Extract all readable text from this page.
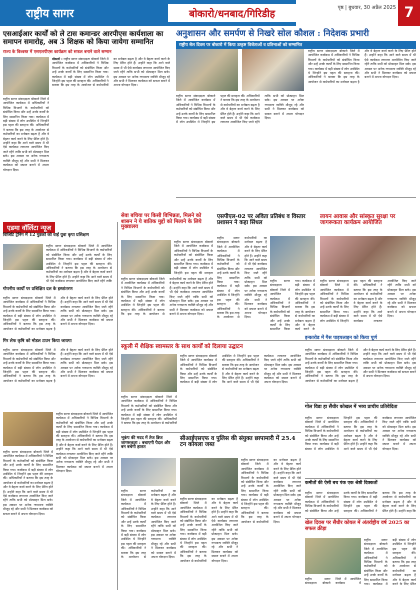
राष्ट्रीय सागर	बोकारो/धनबाद/गिरिडीह
पृष्ठ | बुधवार, 30 अप्रैल 2025 7
एसआईआर कार्यों को ले टास कमान्डर आरपीएस कार्यशाला का समापन समारोह, अब 3 शिक्षक को किया जायेगा सम्मानित
राज्य के विश्वस्त में एसएलपीएस कार्यक्रम को सफल बनाने वाले सम्मान
बोकारो : राष्ट्रीय सागर संवाददाता बोकारो जिले में आयोजित कार्यक्रम में अधिकारियों ने विभिन्न विभागों के कर्मचारियों को संबोधित किया और उन्हें उनके कार्यों के लिए सम्मानित किया गया। कार्यक्रम में बड़ी संख्या में लोग उपस्थित थे जिन्होंने इस पहल की सराहना की। अधिकारियों ने बताया कि इस तरह के आयोजन से कर्मचारियों का मनोबल बढ़ता है और वे बेहतर कार्य करने के लिए प्रेरित होते हैं। उन्होंने कहा कि आने वाले समय में भी ऐसे कार्यक्रम लगातार आयोजित किए जाते रहेंगे ताकि सभी को प्रोत्साहन मिल सके। इस अवसर पर अनेक गणमान्य व्यक्ति मौजूद रहे और सभी ने मिलकर कार्यक्रम को सफल बनाने में अपना योगदान दिया।
राष्ट्रीय सागर संवाददाता बोकारो जिले में आयोजित कार्यक्रम में अधिकारियों ने विभिन्न विभागों के कर्मचारियों को संबोधित किया और उन्हें उनके कार्यों के लिए सम्मानित किया गया। कार्यक्रम में बड़ी संख्या में लोग उपस्थित थे जिन्होंने इस पहल की सराहना की। अधिकारियों ने बताया कि इस तरह के आयोजन से कर्मचारियों का मनोबल बढ़ता है और वे बेहतर कार्य करने के लिए प्रेरित होते हैं। उन्होंने कहा कि आने वाले समय में भी ऐसे कार्यक्रम लगातार आयोजित किए जाते रहेंगे ताकि सभी को प्रोत्साहन मिल सके। इस अवसर पर अनेक गणमान्य व्यक्ति मौजूद रहे और सभी ने मिलकर कार्यक्रम को सफल बनाने में अपना योगदान दिया।
अनुशासन और समर्पण से निखरे सोल कौशल : निदेशक प्रभारी
राष्ट्रीय सेल दिवस पर बोकारो में किया उत्कृष्ट विजेताओं व प्रतिभाओं को सम्मानित
राष्ट्रीय सागर संवाददाता बोकारो जिले में आयोजित कार्यक्रम में अधिकारियों ने विभिन्न विभागों के कर्मचारियों को संबोधित किया और उन्हें उनके कार्यों के लिए सम्मानित किया गया। कार्यक्रम में बड़ी संख्या में लोग उपस्थित थे जिन्होंने इस पहल की सराहना की। अधिकारियों ने बताया कि इस तरह के आयोजन से कर्मचारियों का मनोबल बढ़ता है और वे बेहतर कार्य करने के लिए प्रेरित होते हैं। उन्होंने कहा कि आने वाले समय में भी ऐसे कार्यक्रम लगातार आयोजित किए जाते रहेंगे ताकि सभी को प्रोत्साहन मिल सके। इस अवसर पर अनेक गणमान्य व्यक्ति मौजूद रहे और सभी ने मिलकर कार्यक्रम को सफल बनाने में अपना योगदान दिया।
राष्ट्रीय सागर संवाददाता बोकारो जिले में आयोजित कार्यक्रम में अधिकारियों ने विभिन्न विभागों के कर्मचारियों को संबोधित किया और उन्हें उनके कार्यों के लिए सम्मानित किया गया। कार्यक्रम में बड़ी संख्या में लोग उपस्थित थे जिन्होंने इस पहल की सराहना की। अधिकारियों ने बताया कि इस तरह के आयोजन से कर्मचारियों का मनोबल बढ़ता है और वे बेहतर कार्य करने के लिए प्रेरित होते हैं। उन्होंने कहा कि आने वाले समय में भी ऐसे कार्यक्रम लगातार आयोजित किए जाते रहेंगे ताकि सभी को प्रोत्साहन मिल सके। इस अवसर पर अनेक गणमान्य व्यक्ति मौजूद रहे और सभी ने मिलकर कार्यक्रम को सफल बनाने में अपना योगदान दिया।
एडमा वॉलिंटा न्यूज
विजिटि ट्रेनिंग में 12 गुडकों को वाई युवा कृपा प्रशिक्षण
राष्ट्रीय सागर संवाददाता बोकारो जिले में आयोजित कार्यक्रम में अधिकारियों ने विभिन्न विभागों के कर्मचारियों को संबोधित किया और उन्हें उनके कार्यों के लिए सम्मानित किया गया। कार्यक्रम में बड़ी संख्या में लोग उपस्थित थे जिन्होंने इस पहल की सराहना की। अधिकारियों ने बताया कि इस तरह के आयोजन से कर्मचारियों का मनोबल बढ़ता है और वे बेहतर कार्य करने के लिए प्रेरित होते हैं। उन्होंने कहा कि आने वाले समय में भी ऐसे कार्यक्रम लगातार आयोजित किए जाते रहेंगे ताकि
गोपनीय कार्यों पर प्रशिक्षित दल के हस्तांतरण
राष्ट्रीय सागर संवाददाता बोकारो जिले में आयोजित कार्यक्रम में अधिकारियों ने विभिन्न विभागों के कर्मचारियों को संबोधित किया और उन्हें उनके कार्यों के लिए सम्मानित किया गया। कार्यक्रम में बड़ी संख्या में लोग उपस्थित थे जिन्होंने इस पहल की सराहना की। अधिकारियों ने बताया कि इस तरह के आयोजन से कर्मचारियों का मनोबल बढ़ता है और वे बेहतर कार्य करने के लिए प्रेरित होते हैं। उन्होंने कहा कि आने वाले समय में भी ऐसे कार्यक्रम लगातार आयोजित किए जाते रहेंगे ताकि सभी को प्रोत्साहन मिल सके। इस अवसर पर अनेक गणमान्य व्यक्ति मौजूद रहे और सभी ने मिलकर कार्यक्रम को सफल बनाने में अपना योगदान दिया।
गिर लेफ कृषि को मोडल टाउन किया जायगा
राष्ट्रीय सागर संवाददाता बोकारो जिले में आयोजित कार्यक्रम में अधिकारियों ने विभिन्न विभागों के कर्मचारियों को संबोधित किया और उन्हें उनके कार्यों के लिए सम्मानित किया गया। कार्यक्रम में बड़ी संख्या में लोग उपस्थित थे जिन्होंने इस पहल की सराहना की। अधिकारियों ने बताया कि इस तरह के आयोजन से कर्मचारियों का मनोबल बढ़ता है और वे बेहतर कार्य करने के लिए प्रेरित होते हैं। उन्होंने कहा कि आने वाले समय में भी ऐसे कार्यक्रम लगातार आयोजित किए जाते रहेंगे ताकि सभी को प्रोत्साहन मिल सके। इस अवसर पर अनेक गणमान्य व्यक्ति मौजूद रहे और सभी ने मिलकर कार्यक्रम को सफल बनाने में अपना योगदान दिया।
राष्ट्रीय सागर संवाददाता बोकारो जिले में आयोजित कार्यक्रम में अधिकारियों ने विभिन्न विभागों के कर्मचारियों को संबोधित किया और उन्हें उनके कार्यों के लिए सम्मानित किया गया। कार्यक्रम में बड़ी संख्या में लोग उपस्थित थे जिन्होंने इस पहल की सराहना की। अधिकारियों ने बताया कि इस तरह के आयोजन से कर्मचारियों का मनोबल बढ़ता है और वे बेहतर कार्य करने के लिए प्रेरित होते हैं। उन्होंने कहा कि आने वाले समय में भी ऐसे कार्यक्रम लगातार आयोजित किए जाते रहेंगे ताकि सभी को प्रोत्साहन मिल सके। इस अवसर पर अनेक गणमान्य व्यक्ति मौजूद रहे और सभी ने मिलकर कार्यक्रम को सफल बनाने में अपना योगदान दिया।
राष्ट्रीय सागर संवाददाता बोकारो जिले में आयोजित कार्यक्रम में अधिकारियों ने विभिन्न विभागों के कर्मचारियों को संबोधित किया और उन्हें उनके कार्यों के लिए सम्मानित किया गया। कार्यक्रम में बड़ी संख्या में लोग उपस्थित थे जिन्होंने इस पहल की सराहना की। अधिकारियों ने बताया कि इस तरह के आयोजन से कर्मचारियों का मनोबल बढ़ता है और वे बेहतर कार्य करने के लिए प्रेरित होते हैं। उन्होंने कहा कि आने वाले समय में भी ऐसे कार्यक्रम लगातार आयोजित किए जाते रहेंगे ताकि सभी को प्रोत्साहन मिल सके। इस अवसर पर अनेक गणमान्य व्यक्ति मौजूद रहे और सभी ने मिलकर कार्यक्रम को सफल बनाने में अपना योगदान दिया।
सेवा बचिया पर किसी विभिन्नता, मिलने को शासन ने ये बातिक मुद्दों को मिलाने के लिये मुख्यालय
राष्ट्रीय सागर संवाददाता बोकारो जिले में आयोजित कार्यक्रम में अधिकारियों ने विभिन्न विभागों के कर्मचारियों को संबोधित किया और उन्हें उनके कार्यों के लिए सम्मानित किया गया। कार्यक्रम में बड़ी संख्या में लोग उपस्थित थे जिन्होंने इस पहल की सराहना की। अधिकारियों ने बताया कि इस तरह के आयोजन से कर्मचारियों का मनोबल बढ़ता है और वे बेहतर कार्य करने के लिए प्रेरित होते हैं। उन्होंने कहा कि आने वाले समय में भी ऐसे कार्यक्रम लगातार आयोजित किए जाते रहेंगे ताकि सभी को प्रोत्साहन मिल सके। इस अवसर पर अनेक गणमान्य व्यक्ति मौजूद रहे और सभी ने मिलकर कार्यक्रम को सफल बनाने में अपना योगदान दिया।
राष्ट्रीय सागर संवाददाता बोकारो जिले में आयोजित कार्यक्रम में अधिकारियों ने विभिन्न विभागों के कर्मचारियों को संबोधित किया और उन्हें उनके कार्यों के लिए सम्मानित किया गया। कार्यक्रम में बड़ी संख्या में लोग उपस्थित थे जिन्होंने इस पहल की सराहना
एसपीएल-02 पर अविता प्रतिबंध व विस्तार प्रशासन ने कहा सिंधल
राष्ट्रीय सागर संवाददाता बोकारो जिले में आयोजित कार्यक्रम में अधिकारियों ने विभिन्न विभागों के कर्मचारियों को संबोधित किया और उन्हें उनके कार्यों के लिए सम्मानित किया गया। कार्यक्रम में बड़ी संख्या में लोग उपस्थित थे जिन्होंने इस पहल की सराहना की। अधिकारियों ने बताया कि इस तरह के आयोजन से कर्मचारियों का मनोबल बढ़ता है और वे बेहतर कार्य करने के लिए प्रेरित होते हैं। उन्होंने कहा कि आने वाले समय में भी ऐसे कार्यक्रम लगातार आयोजित किए जाते रहेंगे ताकि सभी को प्रोत्साहन मिल सके। इस अवसर पर अनेक गणमान्य व्यक्ति मौजूद रहे और सभी ने मिलकर कार्यक्रम को सफल बनाने में अपना योगदान दिया।
राष्ट्रीय सागर संवाददाता बोकारो जिले में आयोजित कार्यक्रम में अधिकारियों ने विभिन्न विभागों के कर्मचारियों को संबोधित किया और उन्हें उनके कार्यों के लिए सम्मानित किया गया। कार्यक्रम में बड़ी संख्या में लोग उपस्थित थे जिन्होंने इस पहल की सराहना की। अधिकारियों ने बताया कि इस तरह के आयोजन से कर्मचारियों का मनोबल बढ़ता है और वे बेहतर कार्य करने के
लायन आवास और सांस्कृत सुरक्षा पर जागरूकता कार्यक्रम आयोजित
राष्ट्रीय सागर संवाददाता बोकारो जिले में आयोजित कार्यक्रम में अधिकारियों ने विभिन्न विभागों के कर्मचारियों को संबोधित किया और उन्हें उनके कार्यों के लिए सम्मानित किया गया। कार्यक्रम में बड़ी संख्या में लोग उपस्थित थे जिन्होंने इस पहल की सराहना की। अधिकारियों ने बताया कि इस तरह के आयोजन से कर्मचारियों का मनोबल बढ़ता है और वे बेहतर कार्य करने के लिए प्रेरित होते हैं। उन्होंने कहा कि आने वाले समय में भी ऐसे कार्यक्रम लगातार आयोजित किए जाते रहेंगे ताकि सभी को प्रोत्साहन मिल सके। इस अवसर पर अनेक गणमान्य व्यक्ति मौजूद रहे और सभी ने मिलकर कार्यक्रम को सफल बनाने में अपना योगदान दिया।
स्कूली में शैक्षिक स्वामस्तर के साथ कार्यों को दिलाया उद्घाटन
राष्ट्रीय सागर संवाददाता बोकारो जिले में आयोजित कार्यक्रम में अधिकारियों ने विभिन्न विभागों के कर्मचारियों को संबोधित किया और उन्हें उनके कार्यों के लिए सम्मानित किया गया। कार्यक्रम में बड़ी संख्या में लोग उपस्थित थे जिन्होंने इस पहल की सराहना की। अधिकारियों ने बताया कि इस तरह के आयोजन से कर्मचारियों का मनोबल बढ़ता है और वे बेहतर कार्य करने के लिए प्रेरित होते हैं। उन्होंने कहा कि आने वाले समय में भी ऐसे कार्यक्रम लगातार आयोजित किए जाते रहेंगे ताकि सभी को प्रोत्साहन मिल सके। इस अवसर पर अनेक गणमान्य व्यक्ति मौजूद रहे और सभी ने मिलकर कार्यक्रम को सफल बनाने में अपना योगदान दिया।
राष्ट्रीय सागर संवाददाता बोकारो जिले में आयोजित कार्यक्रम में अधिकारियों ने विभिन्न विभागों के कर्मचारियों को संबोधित किया और उन्हें उनके कार्यों के लिए सम्मानित किया गया। कार्यक्रम में बड़ी संख्या में लोग उपस्थित थे जिन्होंने इस पहल की सराहना की। अधिकारियों ने बताया कि इस तरह के आयोजन से कर्मचारियों
इन्कारोड में गैस पाइपलाइन को किया पूर्ण
राष्ट्रीय सागर संवाददाता बोकारो जिले में आयोजित कार्यक्रम में अधिकारियों ने विभिन्न विभागों के कर्मचारियों को संबोधित किया और उन्हें उनके कार्यों के लिए सम्मानित किया गया। कार्यक्रम में बड़ी संख्या में लोग उपस्थित थे जिन्होंने इस पहल की सराहना की। अधिकारियों ने बताया कि इस तरह के आयोजन से कर्मचारियों का मनोबल बढ़ता है और वे बेहतर कार्य करने के लिए प्रेरित होते हैं। उन्होंने कहा कि आने वाले समय में भी ऐसे कार्यक्रम लगातार आयोजित किए जाते रहेंगे ताकि सभी को प्रोत्साहन मिल सके। इस अवसर पर अनेक गणमान्य व्यक्ति मौजूद रहे और सभी ने मिलकर कार्यक्रम को सफल बनाने में अपना योगदान दिया।
गोल विडा हा सैंधीर कोखल में भव्य प्राचीय प्रतिवेदिता
राष्ट्रीय सागर संवाददाता बोकारो जिले में आयोजित कार्यक्रम में अधिकारियों ने विभिन्न विभागों के कर्मचारियों को संबोधित किया और उन्हें उनके कार्यों के लिए सम्मानित किया गया। कार्यक्रम में बड़ी संख्या में लोग उपस्थित थे जिन्होंने इस पहल की सराहना की। अधिकारियों ने बताया कि इस तरह के आयोजन से कर्मचारियों का मनोबल बढ़ता है और वे बेहतर कार्य करने के लिए प्रेरित होते हैं। उन्होंने कहा कि आने वाले समय में भी ऐसे कार्यक्रम लगातार आयोजित किए जाते रहेंगे ताकि सभी को प्रोत्साहन मिल सके। इस अवसर पर अनेक गणमान्य व्यक्ति मौजूद रहे और सभी ने मिलकर कार्यक्रम को सफल बनाने में अपना योगदान दिया।
भूकंप की मदद में तेज ब्रिज जागरूकता : बचाएगी पैदल और बन बचेगी हालत
राष्ट्रीय सागर संवाददाता बोकारो जिले में आयोजित कार्यक्रम में अधिकारियों ने विभिन्न विभागों के कर्मचारियों को संबोधित किया और उन्हें उनके कार्यों के लिए सम्मानित किया गया। कार्यक्रम में बड़ी संख्या में लोग उपस्थित थे जिन्होंने इस पहल की सराहना की। अधिकारियों ने बताया कि इस तरह के आयोजन से कर्मचारियों का मनोबल बढ़ता है और वे बेहतर कार्य करने के लिए प्रेरित होते हैं। उन्होंने कहा कि आने वाले समय में भी ऐसे कार्यक्रम लगातार आयोजित किए जाते रहेंगे ताकि सभी को प्रोत्साहन मिल सके। इस अवसर पर अनेक गणमान्य व्यक्ति मौजूद रहे और सभी ने मिलकर कार्यक्रम को सफल बनाने में अपना योगदान दिया।
सीआईएसएफ व पुलिस की संयुक्त छापामारी में 25.4 टन कोयला जब्त
राष्ट्रीय सागर संवाददाता बोकारो जिले में आयोजित कार्यक्रम में अधिकारियों ने विभिन्न विभागों के कर्मचारियों को संबोधित किया और उन्हें उनके कार्यों के लिए सम्मानित किया गया। कार्यक्रम में बड़ी संख्या में लोग उपस्थित थे जिन्होंने इस पहल की सराहना की। अधिकारियों ने बताया कि इस तरह के आयोजन से कर्मचारियों का मनोबल बढ़ता है और वे बेहतर कार्य करने के लिए प्रेरित होते हैं। उन्होंने कहा कि आने वाले समय में भी ऐसे कार्यक्रम लगातार आयोजित किए जाते रहेंगे ताकि सभी को प्रोत्साहन मिल सके। इस अवसर पर अनेक गणमान्य व्यक्ति मौजूद रहे और सभी ने मिलकर कार्यक्रम को सफल बनाने में अपना योगदान दिया।
राष्ट्रीय सागर संवाददाता बोकारो जिले में आयोजित कार्यक्रम में अधिकारियों ने विभिन्न विभागों के कर्मचारियों को संबोधित किया और उन्हें उनके कार्यों के लिए सम्मानित किया गया। कार्यक्रम में बड़ी संख्या में लोग उपस्थित थे जिन्होंने इस पहल की सराहना की। अधिकारियों ने बताया कि इस तरह के आयोजन से कर्मचारियों का मनोबल बढ़ता है और वे बेहतर कार्य करने के लिए प्रेरित होते हैं। उन्होंने कहा कि आने वाले समय में भी ऐसे कार्यक्रम लगातार आयोजित किए जाते रहेंगे ताकि सभी को प्रोत्साहन मिल सके। इस अवसर पर अनेक गणमान्य व्यक्ति मौजूद रहे और सभी ने मिलकर कार्यक्रम को सफल बनाने में अपना योगदान दिया।
कमीतों की ऐसी बच पंक एक श्रेष्ठी दिक्कतों
राष्ट्रीय सागर संवाददाता बोकारो जिले में आयोजित कार्यक्रम में अधिकारियों ने विभिन्न विभागों के कर्मचारियों को संबोधित किया और उन्हें उनके कार्यों के लिए सम्मानित किया गया। कार्यक्रम में बड़ी संख्या में लोग उपस्थित थे जिन्होंने इस पहल की सराहना की। अधिकारियों ने बताया कि इस तरह के आयोजन से कर्मचारियों का मनोबल बढ़ता है और वे बेहतर कार्य करने के लिए प्रेरित होते हैं। उन्होंने कहा कि
खेल दिवस पर सैंधीर कोयल में अंतर्राष्ट्रीय वर्ष 2025 का सफल क्रीड़ा
राष्ट्रीय सागर संवाददाता बोकारो जिले में आयोजित कार्यक्रम में अधिकारियों ने विभिन्न विभागों के कर्मचारियों को संबोधित किया और उन्हें उनके कार्यों के लिए सम्मानित किया गया। कार्यक्रम में बड़ी संख्या में लोग उपस्थित थे जिन्होंने इस पहल की सराहना की। अधिकारियों ने बताया कि इस तरह के आयोजन से कर्मचारियों का मनोबल बढ़ता है और वे बेहतर कार्य करने के लिए प्रेरित
राष्ट्रीय सागर संवाददाता बोकारो जिले में आयोजित कार्यक्रम में
